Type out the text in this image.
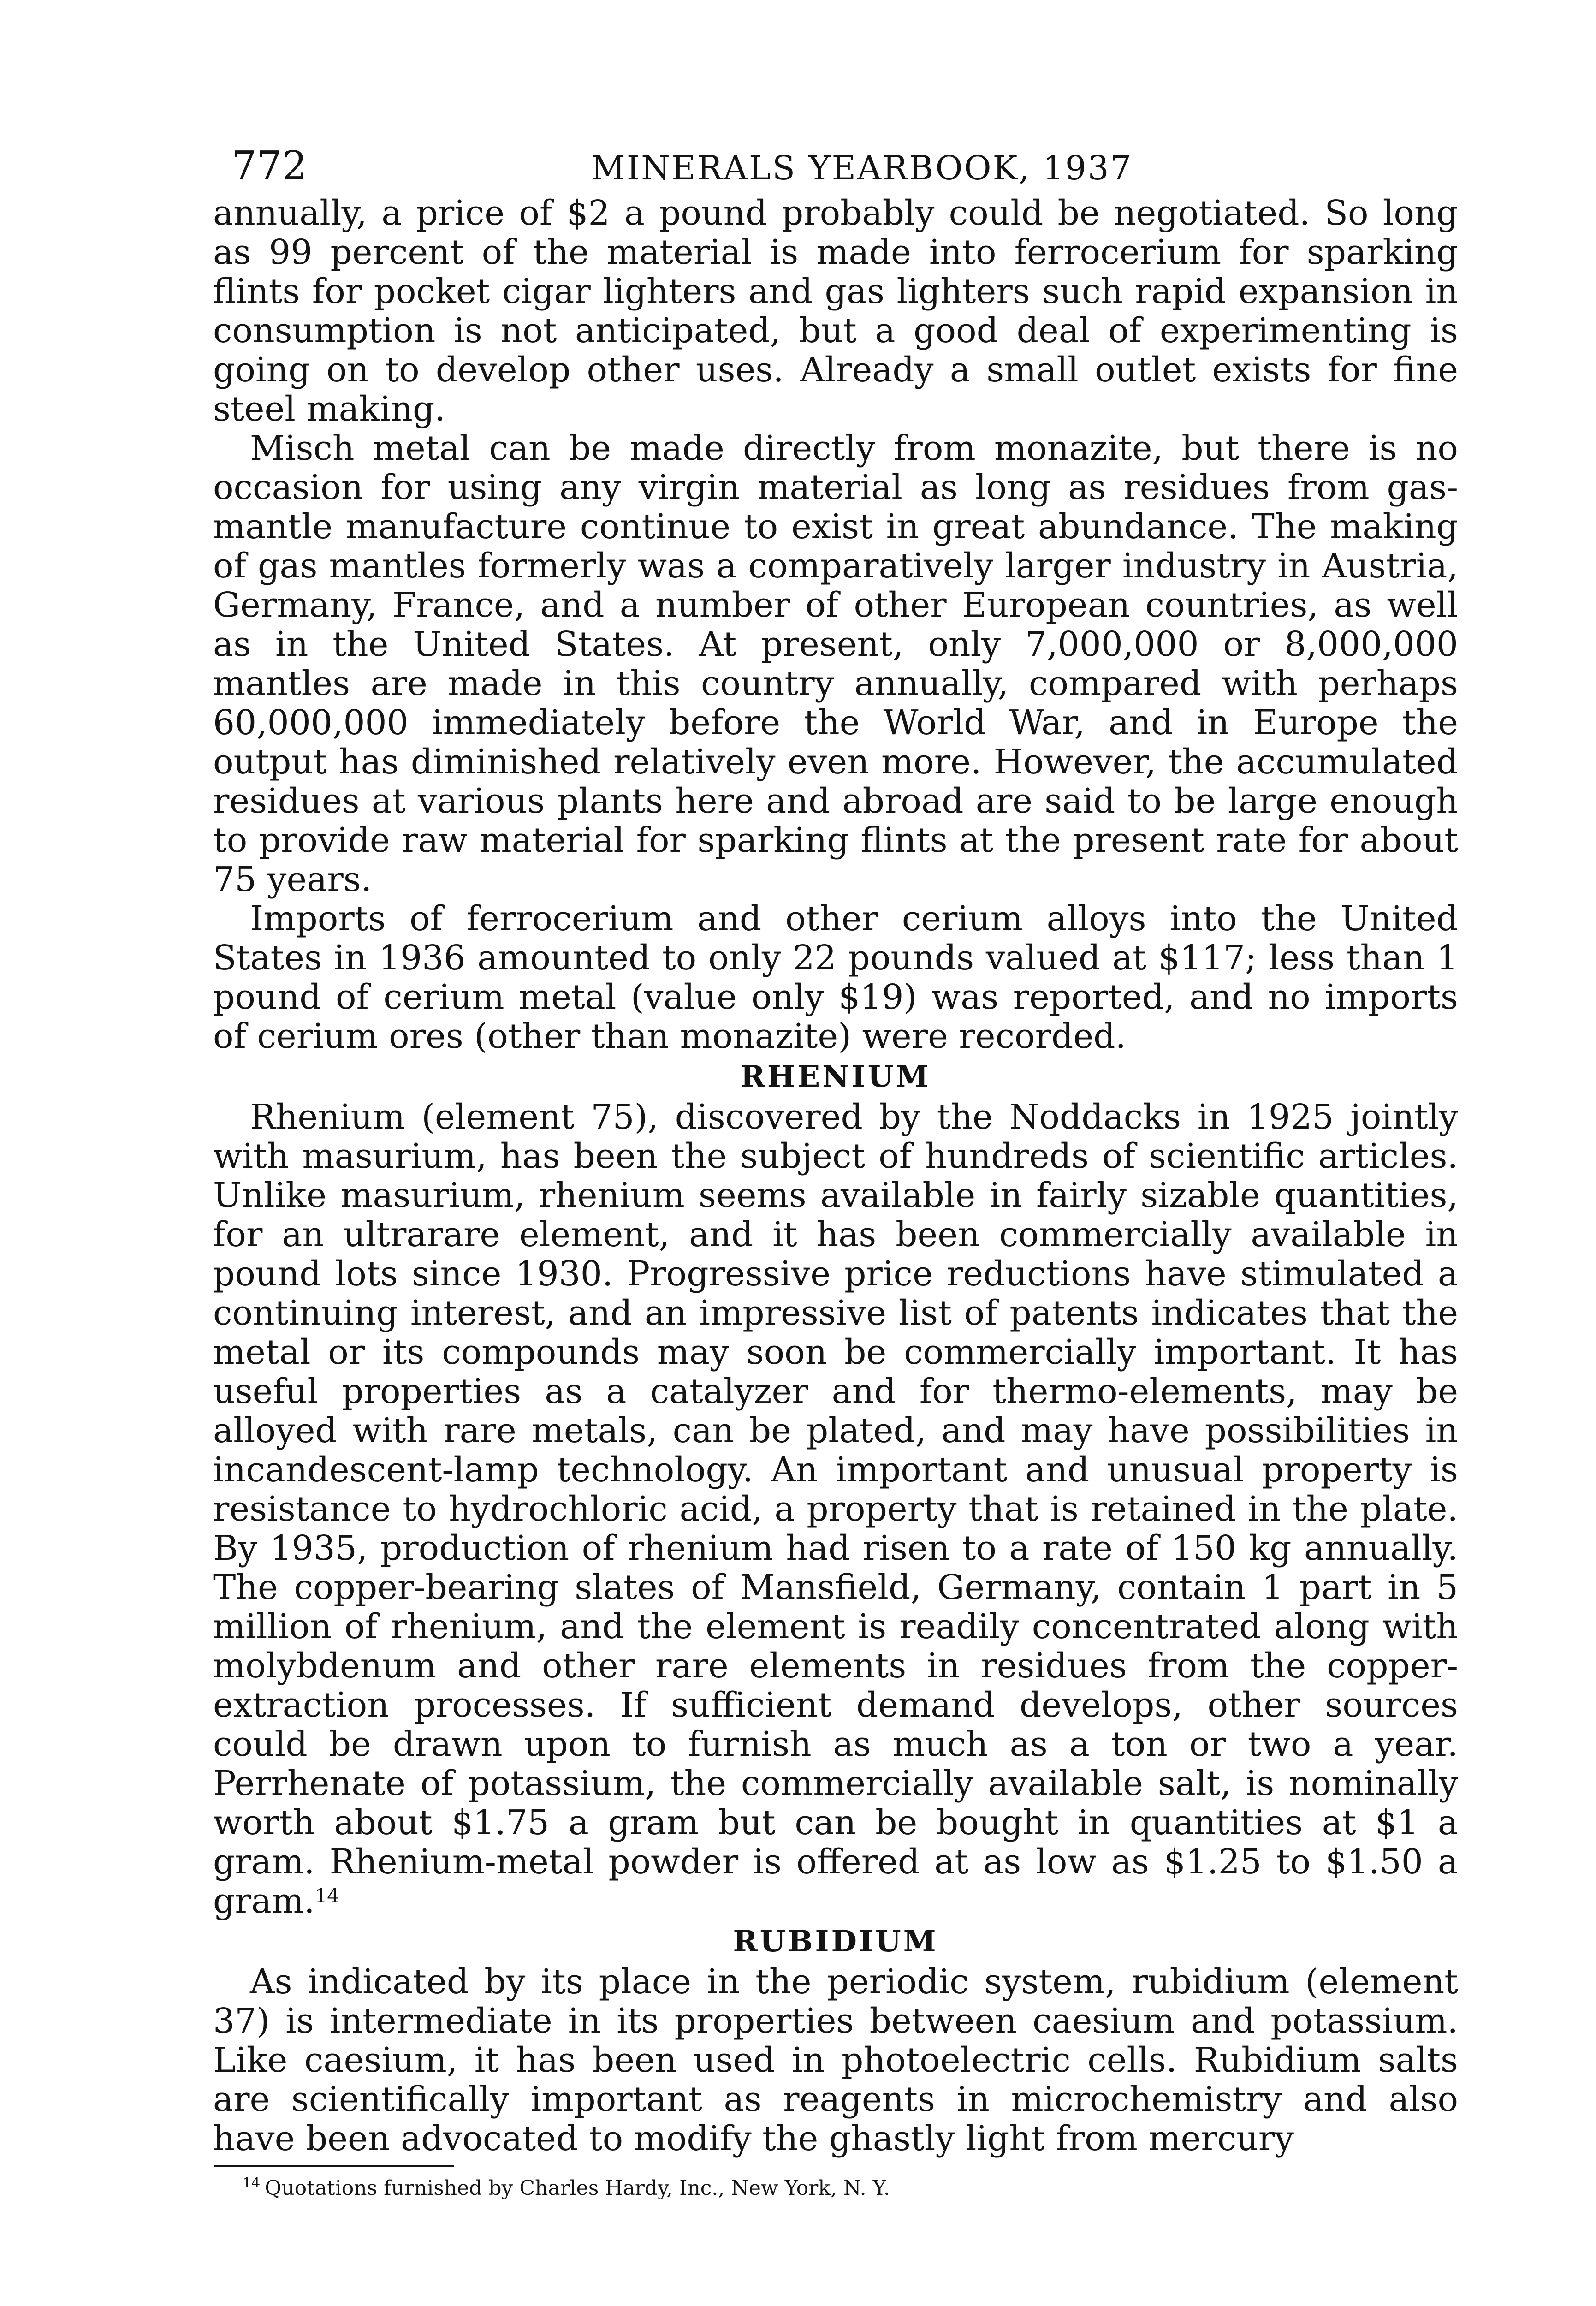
772	MINERALS YEARBOOK, 1937

annually, a price of $2 a pound probably could be negotiated. So long as 99 percent of the material is made into ferrocerium for sparking flints for pocket cigar lighters and gas lighters such rapid expansion in consumption is not anticipated, but a good deal of experimenting is going on to develop other uses. Already a small outlet exists for fine steel making.

Misch metal can be made directly from monazite, but there is no occasion for using any virgin material as long as residues from gas-mantle manufacture continue to exist in great abundance. The making of gas mantles formerly was a comparatively larger industry in Austria, Germany, France, and a number of other European countries, as well as in the United States. At present, only 7,000,000 or 8,000,000 mantles are made in this country annually, compared with perhaps 60,000,000 immediately before the World War, and in Europe the output has diminished relatively even more. However, the accumulated residues at various plants here and abroad are said to be large enough to provide raw material for sparking flints at the present rate for about 75 years.

Imports of ferrocerium and other cerium alloys into the United States in 1936 amounted to only 22 pounds valued at $117; less than 1 pound of cerium metal (value only $19) was reported, and no imports of cerium ores (other than monazite) were recorded.

RHENIUM

Rhenium (element 75), discovered by the Noddacks in 1925 jointly with masurium, has been the subject of hundreds of scientific articles. Unlike masurium, rhenium seems available in fairly sizable quantities, for an ultrarare element, and it has been commercially available in pound lots since 1930. Progressive price reductions have stimulated a continuing interest, and an impressive list of patents indicates that the metal or its compounds may soon be commercially important. It has useful properties as a catalyzer and for thermo-elements, may be alloyed with rare metals, can be plated, and may have possibilities in incandescent-lamp technology. An important and unusual property is resistance to hydrochloric acid, a property that is retained in the plate. By 1935, production of rhenium had risen to a rate of 150 kg annually. The copper-bearing slates of Mansfield, Germany, contain 1 part in 5 million of rhenium, and the element is readily concentrated along with molybdenum and other rare elements in residues from the copper-extraction processes. If sufficient demand develops, other sources could be drawn upon to furnish as much as a ton or two a year. Perrhenate of potassium, the commercially available salt, is nominally worth about $1.75 a gram but can be bought in quantities at $1 a gram. Rhenium-metal powder is offered at as low as $1.25 to $1.50 a gram.$^{14}$

RUBIDIUM

As indicated by its place in the periodic system, rubidium (element 37) is intermediate in its properties between caesium and potassium. Like caesium, it has been used in photoelectric cells. Rubidium salts are scientifically important as reagents in microchemistry and also have been advocated to modify the ghastly light from mercury

$^{14}$ Quotations furnished by Charles Hardy, Inc., New York, N. Y.
